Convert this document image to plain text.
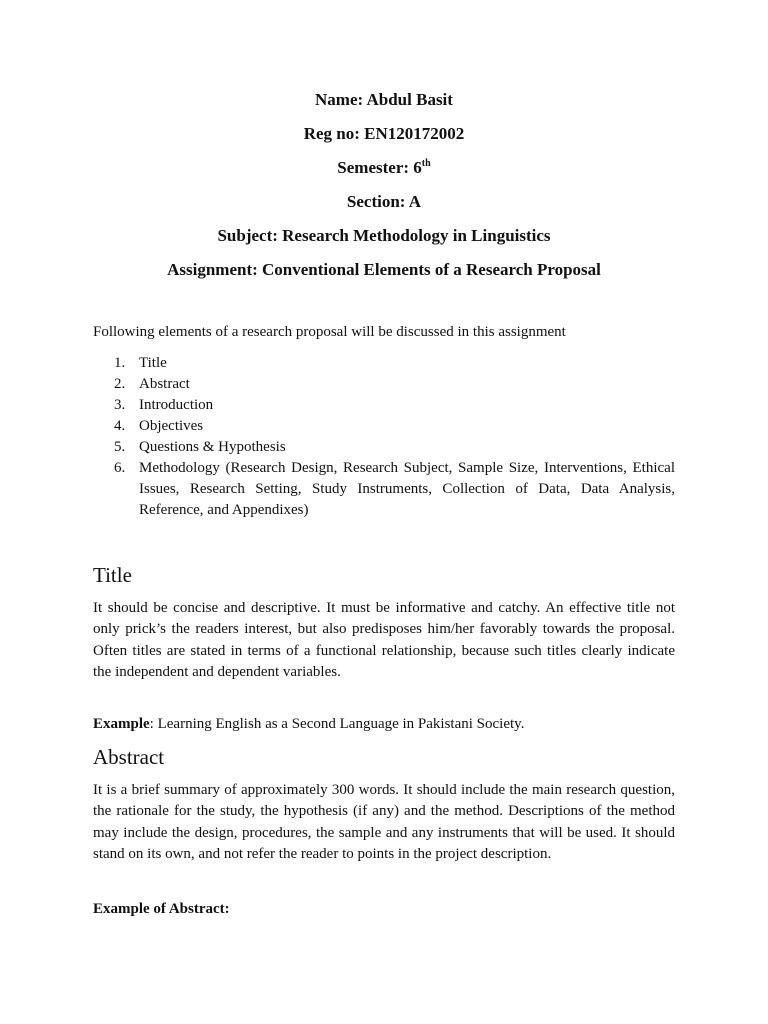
Name: Abdul Basit
Reg no: EN120172002
Semester: 6th
Section: A
Subject: Research Methodology in Linguistics
Assignment: Conventional Elements of a Research Proposal
Following elements of a research proposal will be discussed in this assignment
1. Title
2. Abstract
3. Introduction
4. Objectives
5. Questions & Hypothesis
6. Methodology (Research Design, Research Subject, Sample Size, Interventions, Ethical Issues, Research Setting, Study Instruments, Collection of Data, Data Analysis, Reference, and Appendixes)
Title

It should be concise and descriptive. It must be informative and catchy. An effective title not only prick’s the readers interest, but also predisposes him/her favorably towards the proposal. Often titles are stated in terms of a functional relationship, because such titles clearly indicate the independent and dependent variables.

Example: Learning English as a Second Language in Pakistani Society.
Abstract

It is a brief summary of approximately 300 words. It should include the main research question, the rationale for the study, the hypothesis (if any) and the method. Descriptions of the method may include the design, procedures, the sample and any instruments that will be used. It should stand on its own, and not refer the reader to points in the project description.

Example of Abstract:
